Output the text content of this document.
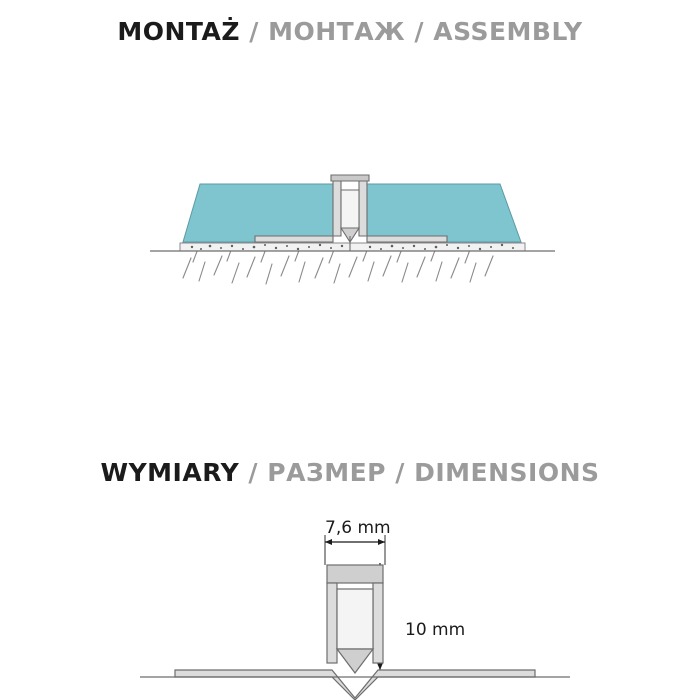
MONTAŻ / МОНТАЖ / ASSEMBLY
WYMIARY / РАЗМЕР / DIMENSIONS
7,6 mm
10 mm
